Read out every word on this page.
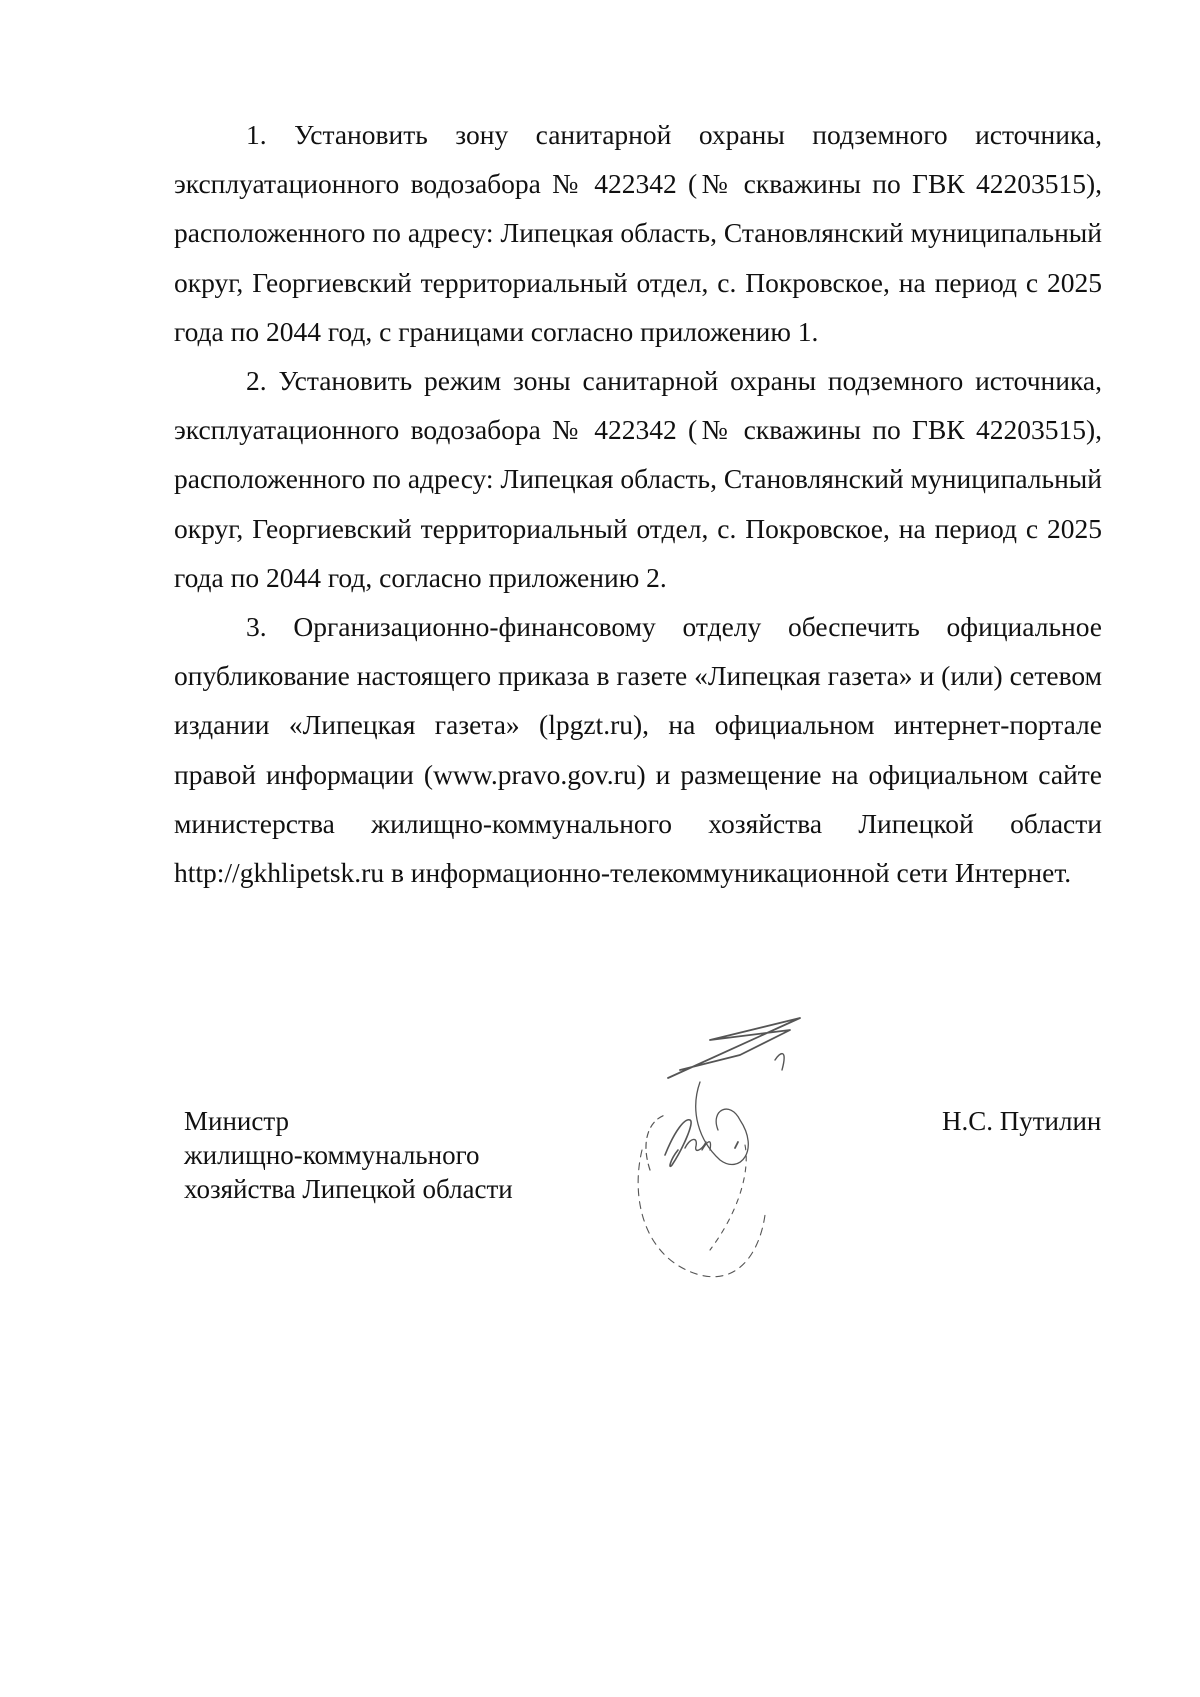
1. Установить зону санитарной охраны подземного источника, эксплуатационного водозабора № 422342 (№ скважины по ГВК 42203515), расположенного по адресу: Липецкая область, Становлянский муниципальный округ, Георгиевский территориальный отдел, с. Покровское, на период с 2025 года по 2044 год, с границами согласно приложению 1.

2. Установить режим зоны санитарной охраны подземного источника, эксплуатационного водозабора № 422342 (№ скважины по ГВК 42203515), расположенного по адресу: Липецкая область, Становлянский муниципальный округ, Георгиевский территориальный отдел, с. Покровское, на период с 2025 года по 2044 год, согласно приложению 2.

3. Организационно-финансовому отделу обеспечить официальное опубликование настоящего приказа в газете «Липецкая газета» и (или) сетевом издании «Липецкая газета» (lpgzt.ru), на официальном интернет-портале правой информации (www.pravo.gov.ru) и размещение на официальном сайте министерства жилищно-коммунального хозяйства Липецкой области http://gkhlipetsk.ru в информационно-телекоммуникационной сети Интернет.

Министр
жилищно-коммунального
хозяйства Липецкой области
Н.С. Путилин
